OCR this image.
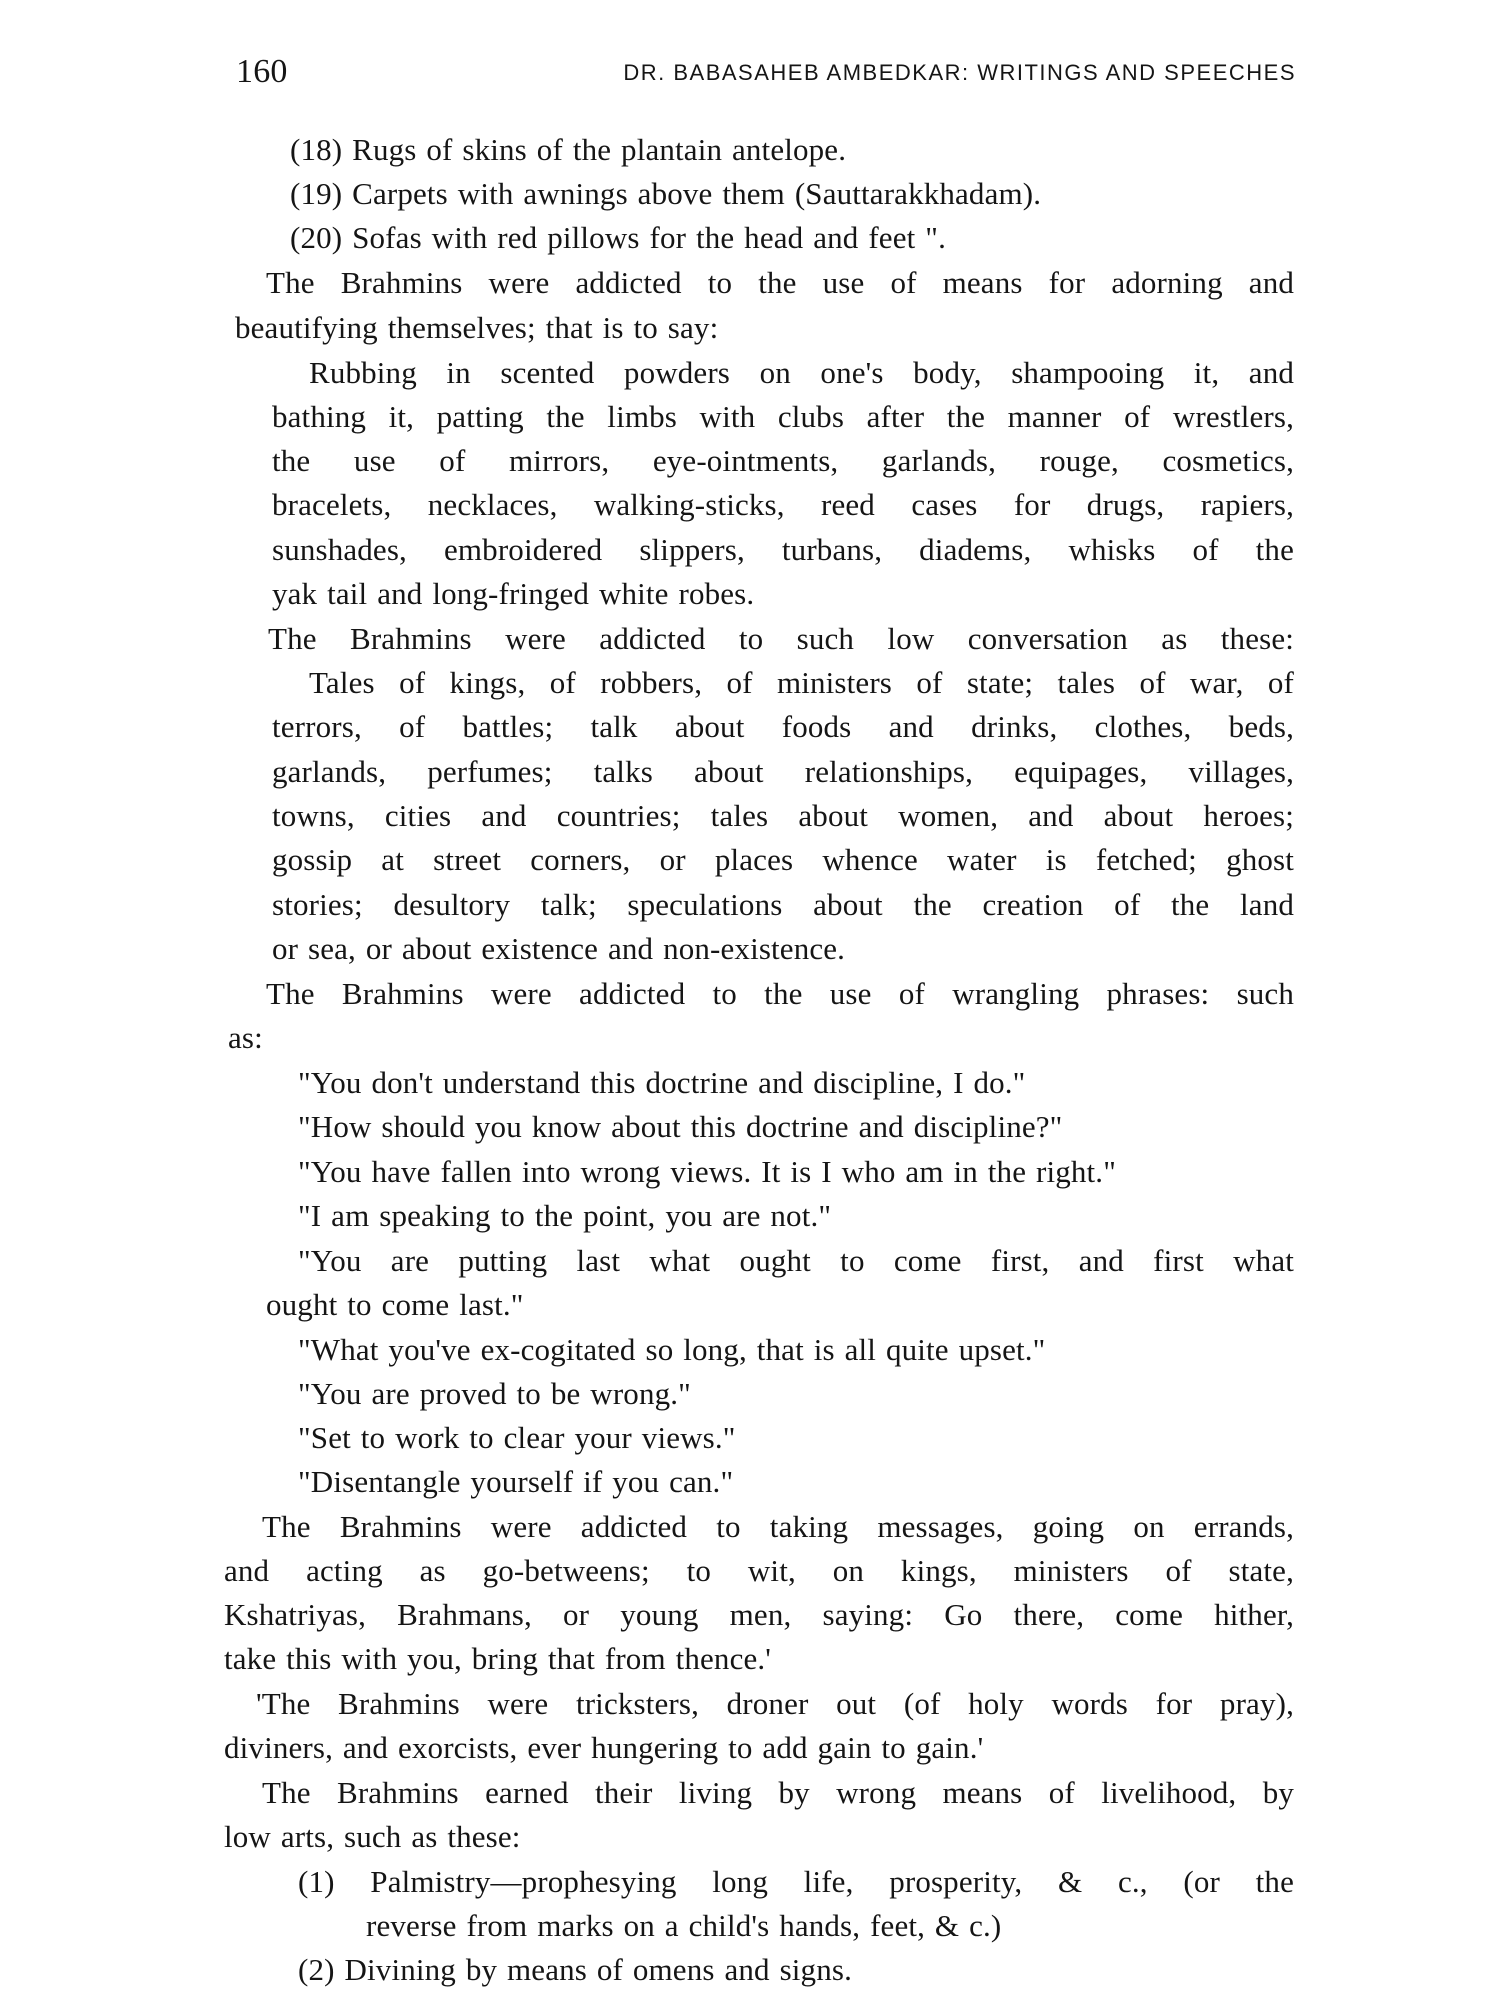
160	DR. BABASAHEB AMBEDKAR: WRITINGS AND SPEECHES
(18) Rugs of skins of the plantain antelope.
(19) Carpets with awnings above them (Sauttarakkhadam).
(20) Sofas with red pillows for the head and feet ".
The Brahmins were addicted to the use of means for adorning and
beautifying themselves; that is to say:
Rubbing in scented powders on one's body, shampooing it, and
bathing it, patting the limbs with clubs after the manner of wrestlers,
the use of mirrors, eye-ointments, garlands, rouge, cosmetics,
bracelets, necklaces, walking-sticks, reed cases for drugs, rapiers,
sunshades, embroidered slippers, turbans, diadems, whisks of the
yak tail and long-fringed white robes.
The Brahmins were addicted to such low conversation as these:
Tales of kings, of robbers, of ministers of state; tales of war, of
terrors, of battles; talk about foods and drinks, clothes, beds,
garlands, perfumes; talks about relationships, equipages, villages,
towns, cities and countries; tales about women, and about heroes;
gossip at street corners, or places whence water is fetched; ghost
stories; desultory talk; speculations about the creation of the land
or sea, or about existence and non-existence.
The Brahmins were addicted to the use of wrangling phrases: such
as:
"You don't understand this doctrine and discipline, I do."
"How should you know about this doctrine and discipline?"
"You have fallen into wrong views. It is I who am in the right."
"I am speaking to the point, you are not."
"You are putting last what ought to come first, and first what
ought to come last."
"What you've ex-cogitated so long, that is all quite upset."
"You are proved to be wrong."
"Set to work to clear your views."
"Disentangle yourself if you can."
The Brahmins were addicted to taking messages, going on errands,
and acting as go-betweens; to wit, on kings, ministers of state,
Kshatriyas, Brahmans, or young men, saying: Go there, come hither,
take this with you, bring that from thence.'
'The Brahmins were tricksters, droner out (of holy words for pray),
diviners, and exorcists, ever hungering to add gain to gain.'
The Brahmins earned their living by wrong means of livelihood, by
low arts, such as these:
(1) Palmistry—prophesying long life, prosperity, & c., (or the
reverse from marks on a child's hands, feet, & c.)
(2) Divining by means of omens and signs.
